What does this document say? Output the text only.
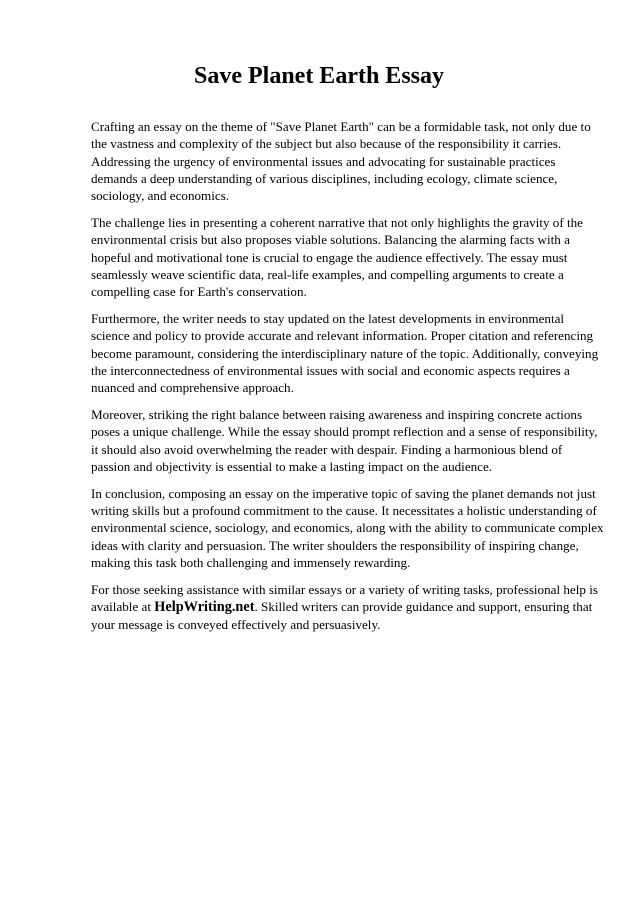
Save Planet Earth Essay

Crafting an essay on the theme of "Save Planet Earth" can be a formidable task, not only due to
the vastness and complexity of the subject but also because of the responsibility it carries.
Addressing the urgency of environmental issues and advocating for sustainable practices
demands a deep understanding of various disciplines, including ecology, climate science,
sociology, and economics.

The challenge lies in presenting a coherent narrative that not only highlights the gravity of the
environmental crisis but also proposes viable solutions. Balancing the alarming facts with a
hopeful and motivational tone is crucial to engage the audience effectively. The essay must
seamlessly weave scientific data, real-life examples, and compelling arguments to create a
compelling case for Earth's conservation.

Furthermore, the writer needs to stay updated on the latest developments in environmental
science and policy to provide accurate and relevant information. Proper citation and referencing
become paramount, considering the interdisciplinary nature of the topic. Additionally, conveying
the interconnectedness of environmental issues with social and economic aspects requires a
nuanced and comprehensive approach.

Moreover, striking the right balance between raising awareness and inspiring concrete actions
poses a unique challenge. While the essay should prompt reflection and a sense of responsibility,
it should also avoid overwhelming the reader with despair. Finding a harmonious blend of
passion and objectivity is essential to make a lasting impact on the audience.

In conclusion, composing an essay on the imperative topic of saving the planet demands not just
writing skills but a profound commitment to the cause. It necessitates a holistic understanding of
environmental science, sociology, and economics, along with the ability to communicate complex
ideas with clarity and persuasion. The writer shoulders the responsibility of inspiring change,
making this task both challenging and immensely rewarding.

For those seeking assistance with similar essays or a variety of writing tasks, professional help is
available at HelpWriting.net. Skilled writers can provide guidance and support, ensuring that
your message is conveyed effectively and persuasively.
